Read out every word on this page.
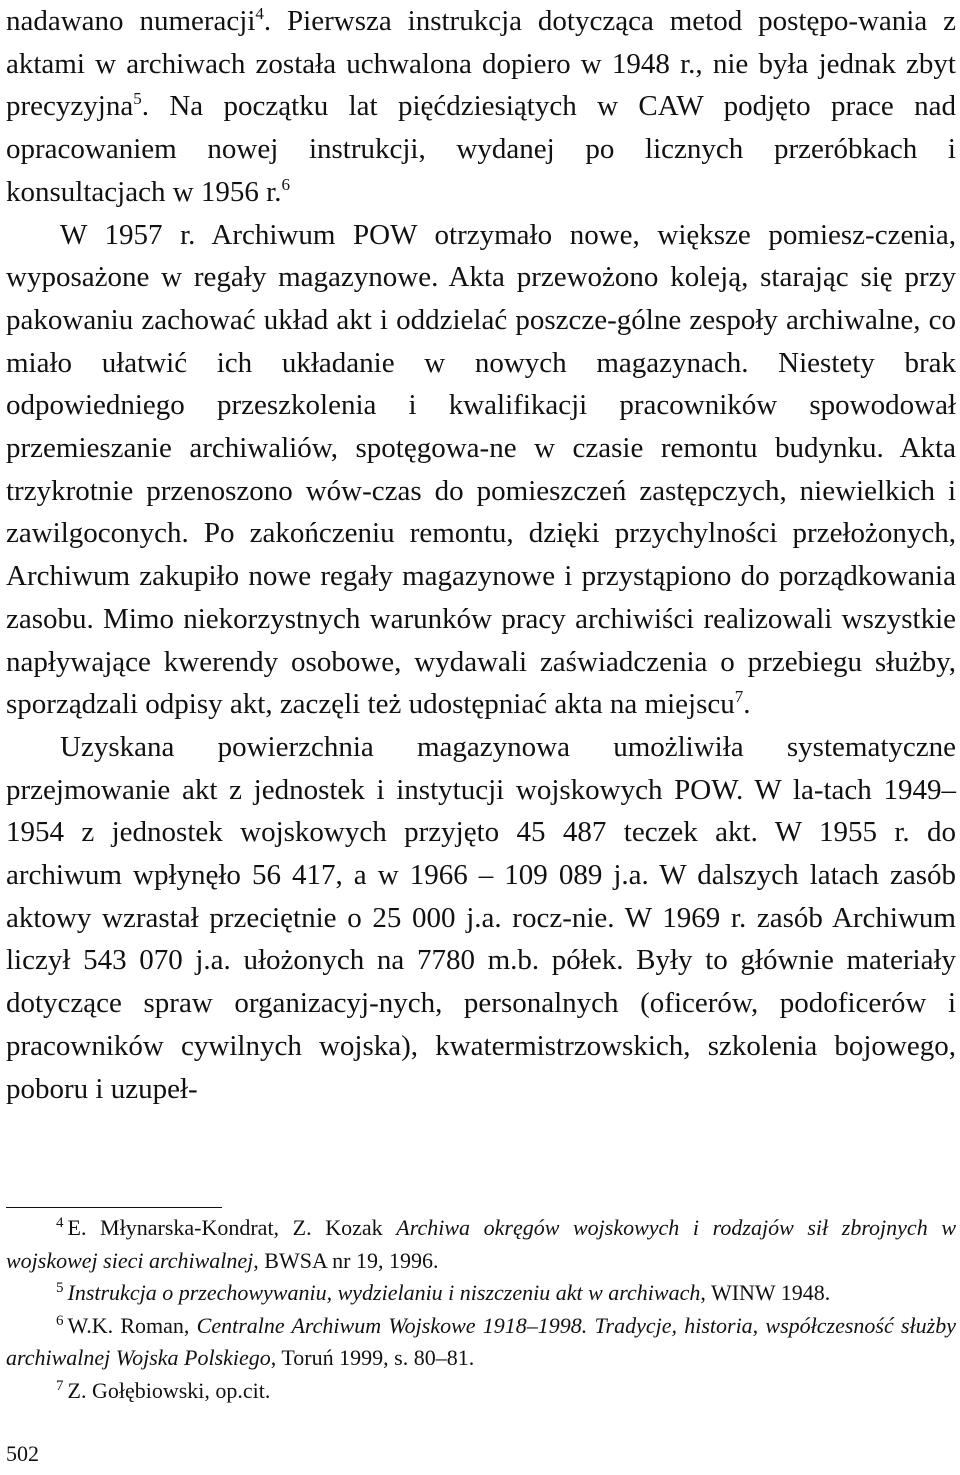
nadawano numeracji$^4$. Pierwsza instrukcja dotycząca metod postępo-wania z aktami w archiwach została uchwalona dopiero w 1948 r., nie była jednak zbyt precyzyjna$^5$. Na początku lat pięćdziesiątych w CAW podjęto prace nad opracowaniem nowej instrukcji, wydanej po licznych przeróbkach i konsultacjach w 1956 r.$^6$

W 1957 r. Archiwum POW otrzymało nowe, większe pomiesz-czenia, wyposażone w regały magazynowe. Akta przewożono koleją, starając się przy pakowaniu zachować układ akt i oddzielać poszcze-gólne zespoły archiwalne, co miało ułatwić ich układanie w nowych magazynach. Niestety brak odpowiedniego przeszkolenia i kwalifikacji pracowników spowodował przemieszanie archiwaliów, spotęgowa-ne w czasie remontu budynku. Akta trzykrotnie przenoszono wów-czas do pomieszczeń zastępczych, niewielkich i zawilgoconych. Po zakończeniu remontu, dzięki przychylności przełożonych, Archiwum zakupiło nowe regały magazynowe i przystąpiono do porządkowania zasobu. Mimo niekorzystnych warunków pracy archiwiści realizowali wszystkie napływające kwerendy osobowe, wydawali zaświadczenia o przebiegu służby, sporządzali odpisy akt, zaczęli też udostępniać akta na miejscu$^7$.

Uzyskana powierzchnia magazynowa umożliwiła systematyczne przejmowanie akt z jednostek i instytucji wojskowych POW. W la-tach 1949–1954 z jednostek wojskowych przyjęto 45 487 teczek akt. W 1955 r. do archiwum wpłynęło 56 417, a w 1966 – 109 089 j.a. W dalszych latach zasób aktowy wzrastał przeciętnie o 25 000 j.a. rocz-nie. W 1969 r. zasób Archiwum liczył 543 070 j.a. ułożonych na 7780 m.b. półek. Były to głównie materiały dotyczące spraw organizacyj-nych, personalnych (oficerów, podoficerów i pracowników cywilnych wojska), kwatermistrzowskich, szkolenia bojowego, poboru i uzupeł-

$^4$ E. Młynarska-Kondrat, Z. Kozak Archiwa okręgów wojskowych i rodzajów sił zbrojnych w wojskowej sieci archiwalnej, BWSA nr 19, 1996.

$^5$ Instrukcja o przechowywaniu, wydzielaniu i niszczeniu akt w archiwach, WINW 1948.

$^6$ W.K. Roman, Centralne Archiwum Wojskowe 1918–1998. Tradycje, historia, współczesność służby archiwalnej Wojska Polskiego, Toruń 1999, s. 80–81.

$^7$ Z. Gołębiowski, op.cit.

502
